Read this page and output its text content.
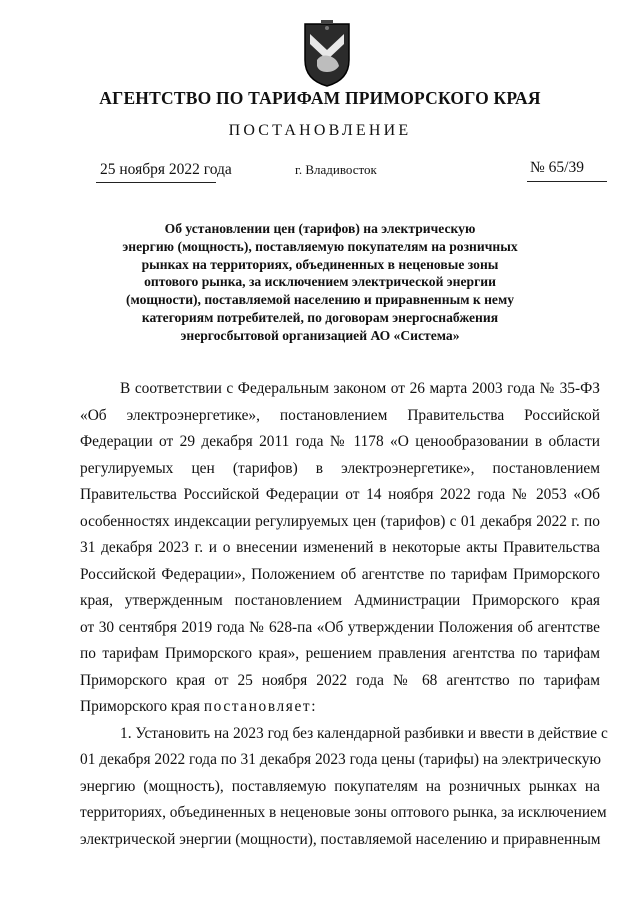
АГЕНТСТВО ПО ТАРИФАМ ПРИМОРСКОГО КРАЯ
ПОСТАНОВЛЕНИЕ
25 ноября 2022 года	г. Владивосток	№ 65/39
Об установлении цен (тарифов) на электрическую
энергию (мощность), поставляемую покупателям на розничных
рынках на территориях, объединенных в неценовые зоны
оптового рынка, за исключением электрической энергии
(мощности), поставляемой населению и приравненным к нему
категориям потребителей, по договорам энергоснабжения
энергосбытовой организацией АО «Система»
В соответствии с Федеральным законом от 26 марта 2003 года № 35-ФЗ
«Об электроэнергетике», постановлением Правительства Российской
Федерации от 29 декабря 2011 года № 1178 «О ценообразовании в области
регулируемых цен (тарифов) в электроэнергетике», постановлением
Правительства Российской Федерации от 14 ноября 2022 года № 2053 «Об
особенностях индексации регулируемых цен (тарифов) с 01 декабря 2022 г. по
31 декабря 2023 г. и о внесении изменений в некоторые акты Правительства
Российской Федерации», Положением об агентстве по тарифам Приморского
края, утвержденным постановлением Администрации Приморского края
от 30 сентября 2019 года № 628-па «Об утверждении Положения об агентстве
по тарифам Приморского края», решением правления агентства по тарифам
Приморского края от 25 ноября 2022 года № 68 агентство по тарифам
Приморского края постановляет:
1. Установить на 2023 год без календарной разбивки и ввести в действие с
01 декабря 2022 года по 31 декабря 2023 года цены (тарифы) на электрическую
энергию (мощность), поставляемую покупателям на розничных рынках на
территориях, объединенных в неценовые зоны оптового рынка, за исключением
электрической энергии (мощности), поставляемой населению и приравненным
